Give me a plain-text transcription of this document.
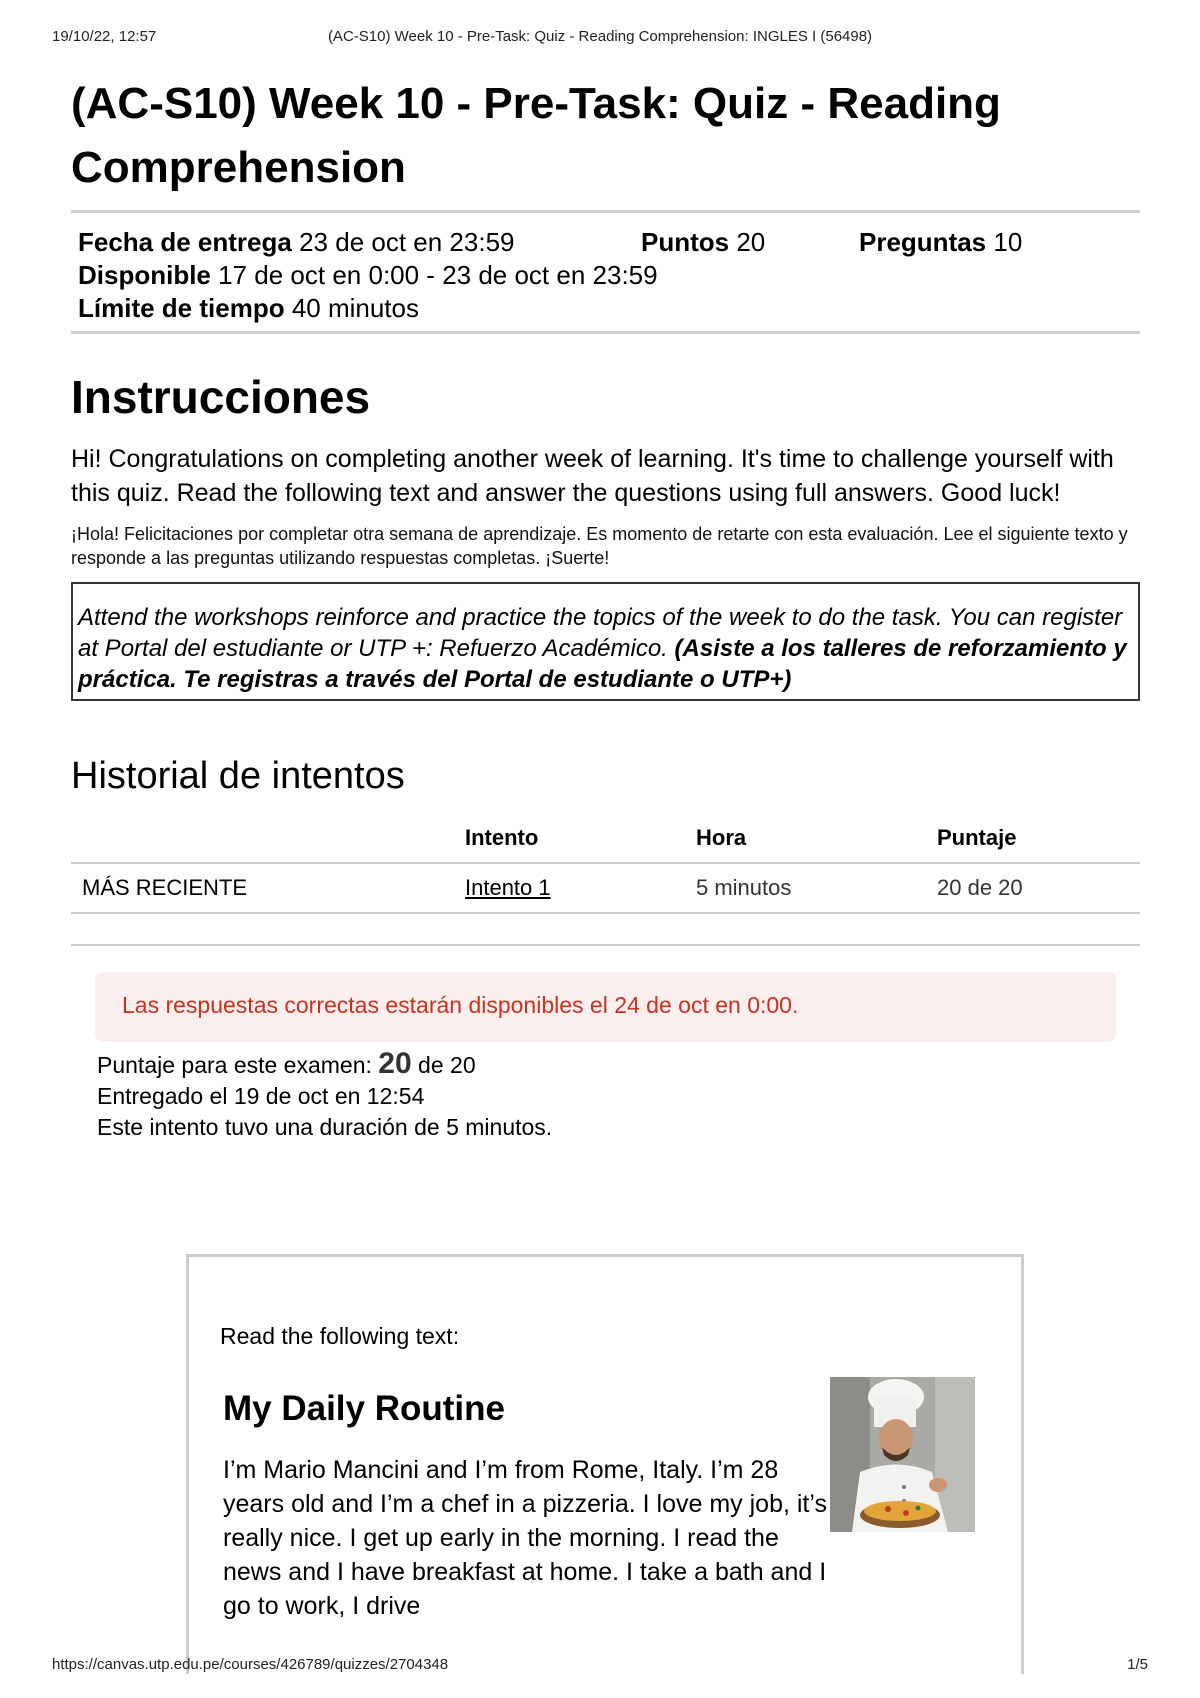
19/10/22, 12:57	(AC-S10) Week 10 - Pre-Task: Quiz - Reading Comprehension: INGLES I (56498)
(AC-S10) Week 10 - Pre-Task: Quiz - Reading
Comprehension
Fecha de entrega 23 de oct en 23:59	Puntos 20	Preguntas 10
Disponible 17 de oct en 0:00 - 23 de oct en 23:59
Límite de tiempo 40 minutos
Instrucciones

Hi! Congratulations on completing another week of learning. It's time to challenge yourself with this quiz. Read the following text and answer the questions using full answers. Good luck!

¡Hola! Felicitaciones por completar otra semana de aprendizaje. Es momento de retarte con esta evaluación. Lee el siguiente texto y responde a las preguntas utilizando respuestas completas. ¡Suerte!

Attend the workshops reinforce and practice the topics of the week to do the task. You can register at Portal del estudiante or UTP +: Refuerzo Académico. (Asiste a los talleres de reforzamiento y práctica. Te registras a través del Portal de estudiante o UTP+)
Historial de intentos
	Intento	Hora	Puntaje
MÁS RECIENTE	Intento 1	5 minutos	20 de 20
Las respuestas correctas estarán disponibles el 24 de oct en 0:00.
Puntaje para este examen: 20 de 20
Entregado el 19 de oct en 12:54
Este intento tuvo una duración de 5 minutos.
Read the following text:
My Daily Routine
I’m Mario Mancini and I’m from Rome, Italy. I’m 28 years old and I’m a chef in a pizzeria. I love my job, it’s really nice. I get up early in the morning. I read the news and I have breakfast at home. I take a bath and I go to work, I drive
https://canvas.utp.edu.pe/courses/426789/quizzes/2704348	1/5
